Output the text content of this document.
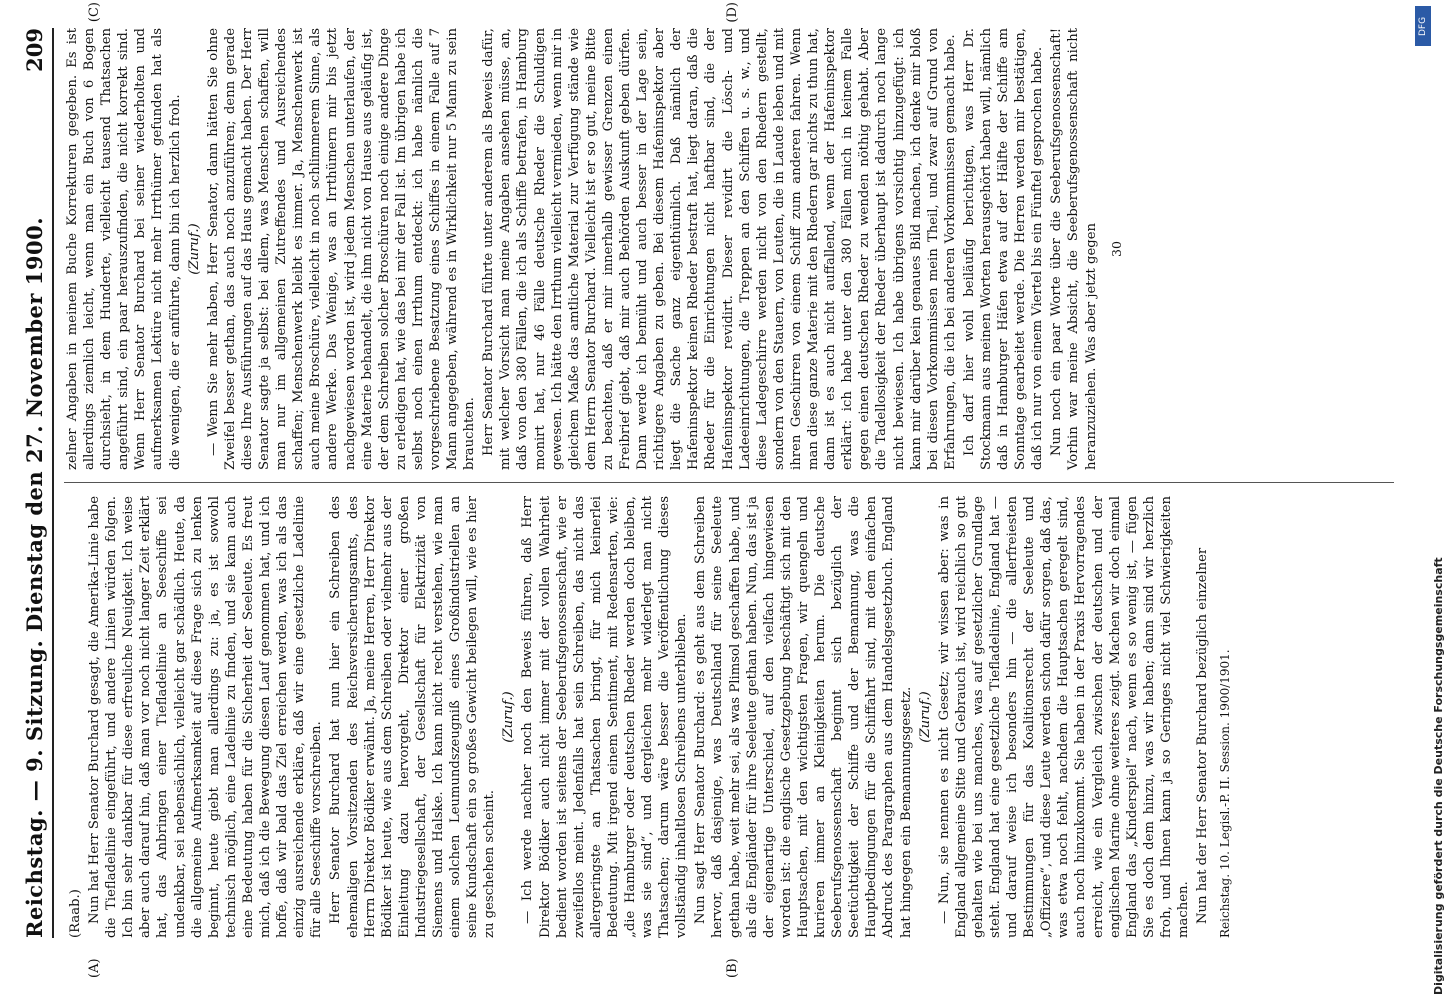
Reichstag. — 9. Sitzung. Dienstag den 27. November 1900.
209
(A)	(B)

(Raab.) Nun hat Herr Senator Burchard gesagt, die Amerika-Linie habe die Tiefladelinie eingeführt, und andere Linien würden folgen. Ich bin sehr dankbar für diese erfreuliche Neuigkeit. Ich weise aber auch darauf hin, daß man vor noch nicht langer Zeit erklärt hat, das Anbringen einer Tiefladelinie an Seeschiffe sei undenkbar, sei nebensächlich, vielleicht gar schädlich. Heute, da die allgemeine Aufmerksamkeit auf diese Frage sich zu lenken beginnt, heute giebt man allerdings zu: ja, es ist sowohl technisch möglich, eine Ladelinie zu finden, und sie kann auch eine Bedeutung haben für die Sicherheit der Seeleute. Es freut mich, daß ich die Bewegung diesen Lauf genommen hat, und ich hoffe, daß wir bald das Ziel erreichen werden, was ich als das einzig ausreichende erkläre, daß wir eine gesetzliche Ladelinie für alle Seeschiffe vorschreiben. Herr Senator Burchard hat nun hier ein Schreiben des ehemaligen Vorsitzenden des Reichsversicherungsamts, des Herrn Direktor Bödiker erwähnt. Ja, meine Herren, Herr Direktor Bödiker ist heute, wie aus dem Schreiben oder vielmehr aus der Einleitung dazu hervorgeht, Direktor einer großen Industriegesellschaft, der Gesellschaft für Elektrizität von Siemens und Halske. Ich kann nicht recht verstehen, wie man einem solchen Leumundszeugniß eines Großindustriellen an seine Kundschaft ein so großes Gewicht beilegen will, wie es hier zu geschehen scheint.

(Zuruf.) — Ich werde nachher noch den Beweis führen, daß Herr Direktor Bödiker auch nicht immer mit der vollen Wahrheit bedient worden ist seitens der Seeberufsgenossenschaft, wie er zweifellos meint. Jedenfalls hat sein Schreiben, das nicht das allergeringste an Thatsachen bringt, für mich keinerlei Bedeutung. Mit irgend einem Sentiment, mit Redensarten, wie: „die Hamburger oder deutschen Rheder werden doch bleiben, was sie sind“, und dergleichen mehr widerlegt man nicht Thatsachen; darum wäre besser die Veröffentlichung dieses vollständig inhaltlosen Schreibens unterblieben. Nun sagt Herr Senator Burchard: es geht aus dem Schreiben hervor, daß dasjenige, was Deutschland für seine Seeleute gethan habe, weit mehr sei, als was Plimsol geschaffen habe, und als die Engländer für ihre Seeleute gethan haben. Nun, das ist ja der eigenartige Unterschied, auf den vielfach hingewiesen worden ist: die englische Gesetzgebung beschäftigt sich mit den Hauptsachen, mit den wichtigsten Fragen, wir quengeln und kurieren immer an Kleinigkeiten herum. Die deutsche Seeberufsgenossenschaft beginnt sich bezüglich der Seetüchtigkeit der Schiffe und der Bemannung, was die Hauptbedingungen für die Schiffahrt sind, mit dem einfachen Abdruck des Paragraphen aus dem Handelsgesetzbuch. England hat hingegen ein Bemannungsgesetz. (Zuruf.) — Nun, sie nennen es nicht Gesetz; wir wissen aber: was in England allgemeine Sitte und Gebrauch ist, wird reichlich so gut gehalten wie bei uns manches, was auf gesetzlicher Grundlage steht. England hat eine gesetzliche Tiefladelinie, England hat — und darauf weise ich besonders hin — die allerfreiesten Bestimmungen für das Koalitionsrecht der Seeleute und „Offiziere“, und diese Leute werden schon dafür sorgen, daß das, was etwa noch fehlt, nachdem die Hauptsachen geregelt sind, auch noch hinzukommt. Sie haben in der Praxis Hervorragendes erreicht, wie ein Vergleich zwischen der deutschen und der englischen Marine ohne weiteres zeigt. Machen wir doch einmal England das „Kinderspiel“ nach, wenn es so wenig ist, — fügen Sie es doch dem hinzu, was wir haben; dann sind wir herzlich froh, und Ihnen kann ja so Geringes nicht viel Schwierigkeiten machen. Nun hat der Herr Senator Burchard bezüglich einzelner Reichstag. 10. Legisl.-P. II. Session. 1900/1901.
(C)	(D)

zelner Angaben in meinem Buche Korrekturen gegeben. Es ist allerdings ziemlich leicht, wenn man ein Buch von 6 Bogen durchsieht, in dem Hunderte, vielleicht tausend Thatsachen angeführt sind, ein paar herauszufinden, die nicht korrekt sind. Wenn Herr Senator Burchard bei seiner wiederholten und aufmerksamen Lektüre nicht mehr Irrthümer gefunden hat als die wenigen, die er anführte, dann bin ich herzlich froh. (Zuruf.) — Wenn Sie mehr haben, Herr Senator, dann hätten Sie ohne Zweifel besser gethan, das auch noch anzuführen; denn gerade diese Ihre Ausführungen auf das Haus gemacht haben. Der Herr Senator sagte ja selbst: bei allem, was Menschen schaffen, will man nur im allgemeinen Zutreffendes und Ausreichendes schaffen; Menschenwerk bleibt es immer. Ja, Menschenwerk ist auch meine Broschüre, vielleicht in noch schlimmerem Sinne, als andere Werke. Das Wenige, was an Irrthümern mir bis jetzt nachgewiesen worden ist, wird jedem Menschen unterlaufen, der eine Materie behandelt, die ihm nicht von Hause aus geläufig ist, der dem Schreiben solcher Broschüren noch einige andere Dinge zu erledigen hat, wie das bei mir der Fall ist. Im übrigen habe ich selbst noch einen Irrthum entdeckt: ich habe nämlich die vorgeschriebene Besatzung eines Schiffes in einem Falle auf 7 Mann angegeben, während es in Wirklichkeit nur 5 Mann zu sein brauchten. Herr Senator Burchard führte unter anderem als Beweis dafür, mit welcher Vorsicht man meine Angaben ansehen müsse, an, daß von den 380 Fällen, die ich als Schiffe betrafen, in Hamburg monirt hat, nur 46 Fälle deutsche Rheder die Schuldigen gewesen. Ich hätte den Irrthum vielleicht vermieden, wenn mir in gleichem Maße das amtliche Material zur Verfügung stände wie dem Herrn Senator Burchard. Vielleicht ist er so gut, meine Bitte zu beachten, daß er mir innerhalb gewisser Grenzen einen Freibrief giebt, daß mir auch Behörden Auskunft geben dürfen. Dann werde ich bemüht und auch besser in der Lage sein, richtigere Angaben zu geben. Bei diesem Hafeninspektor aber liegt die Sache ganz eigenthümlich. Daß nämlich der Hafeninspektor keinen Rheder bestraft hat, liegt daran, daß die Rheder für die Einrichtungen nicht haftbar sind, die der Hafeninspektor revidirt. Dieser revidirt die Lösch- und Ladeeinrichtungen, die Treppen an den Schiffen u. s. w., und diese Ladegeschirre werden nicht von den Rhedern gestellt, sondern von den Stauern, von Leuten, die in Laude leben und mit ihren Geschirren von einem Schiff zum anderen fahren. Wenn man diese ganze Materie mit den Rhedern gar nichts zu thun hat, dann ist es auch nicht auffallend, wenn der Hafeninspektor erklärt: ich habe unter den 380 Fällen mich in keinem Falle gegen einen deutschen Rheder zu wenden nöthig gehabt. Aber die Tadellosigkeit der Rheder überhaupt ist dadurch noch lange nicht bewiesen. Ich habe übrigens vorsichtig hinzugefügt: ich kann mir darüber kein genaues Bild machen, ich denke mir bloß bei diesen Vorkommnissen mein Theil, und zwar auf Grund von Erfahrungen, die ich bei anderen Vorkommnissen gemacht habe. Ich darf hier wohl beiläufig berichtigen, was Herr Dr. Stockmann aus meinen Worten herausgehört haben will, nämlich daß in Hamburger Häfen etwa auf der Hälfte der Schiffe am Sonntage gearbeitet werde. Die Herren werden mir bestätigen, daß ich nur von einem Viertel bis ein Fünftel gesprochen habe. Nun noch ein paar Worte über die Seeberufsgenossenschaft! Vorhin war meine Absicht, die Seeberufsgenossenschaft nicht heranzuziehen. Was aber jetzt gegen 30
DFG
Digitalisierung gefördert durch die Deutsche Forschungsgemeinschaft
